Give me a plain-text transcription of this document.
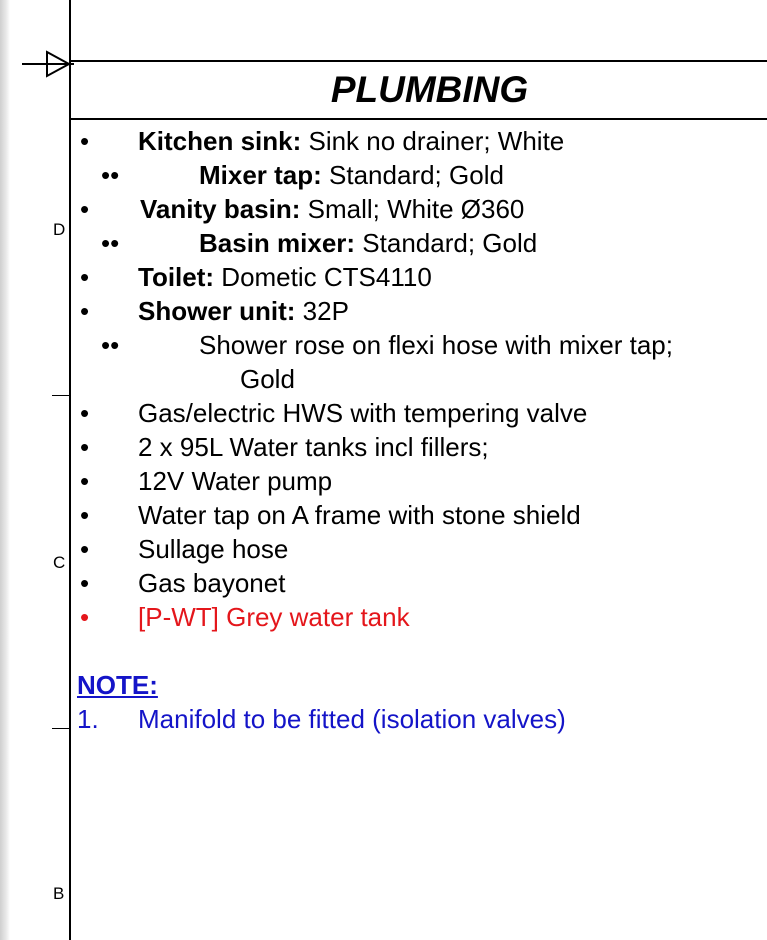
D
C
B
PLUMBING
• Kitchen sink: Sink no drainer; White
••	Mixer tap: Standard; Gold
• Vanity basin: Small; White Ø360
••	Basin mixer: Standard; Gold
• Toilet: Dometic CTS4110
• Shower unit: 32P
••	Shower rose on flexi hose with mixer tap;
Gold
• Gas/electric HWS with tempering valve
• 2 x 95L Water tanks incl fillers;
• 12V Water pump
• Water tap on A frame with stone shield
• Sullage hose
• Gas bayonet
• [P-WT] Grey water tank
NOTE:
1. Manifold to be fitted (isolation valves)
